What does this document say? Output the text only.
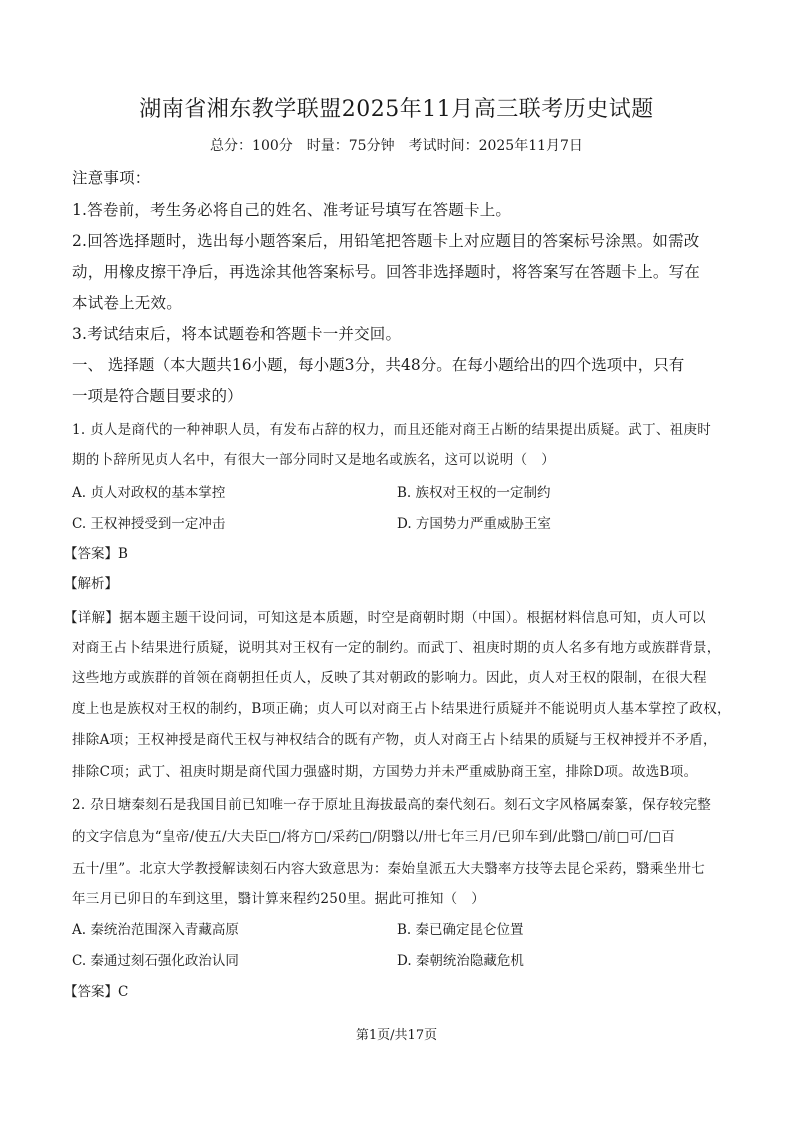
湖南省湘东教学联盟2025年11月高三联考历史试题
总分：100分　时量：75分钟　考试时间：2025年11月7日
注意事项：
1.答卷前，考生务必将自己的姓名、准考证号填写在答题卡上。
2.回答选择题时，选出每小题答案后，用铅笔把答题卡上对应题目的答案标号涂黑。如需改
动，用橡皮擦干净后，再选涂其他答案标号。回答非选择题时，将答案写在答题卡上。写在
本试卷上无效。
3.考试结束后，将本试题卷和答题卡一并交回。
一、 选择题（本大题共16小题，每小题3分，共48分。在每小题给出的四个选项中，只有
一项是符合题目要求的）
1. 贞人是商代的一种神职人员，有发布占辞的权力，而且还能对商王占断的结果提出质疑。武丁、祖庚时
期的卜辞所见贞人名中，有很大一部分同时又是地名或族名，这可以说明（　）
A. 贞人对政权的基本掌控	B. 族权对王权的一定制约
C. 王权神授受到一定冲击	D. 方国势力严重威胁王室
【答案】B
【解析】
【详解】据本题主题干设问词，可知这是本质题，时空是商朝时期（中国）。根据材料信息可知，贞人可以
对商王占卜结果进行质疑，说明其对王权有一定的制约。而武丁、祖庚时期的贞人名多有地方或族群背景，
这些地方或族群的首领在商朝担任贞人，反映了其对朝政的影响力。因此，贞人对王权的限制，在很大程
度上也是族权对王权的制约，B项正确；贞人可以对商王占卜结果进行质疑并不能说明贞人基本掌控了政权，
排除A项；王权神授是商代王权与神权结合的既有产物，贞人对商王占卜结果的质疑与王权神授并不矛盾，
排除C项；武丁、祖庚时期是商代国力强盛时期，方国势力并未严重威胁商王室，排除D项。故选B项。
2. 尕日塘秦刻石是我国目前已知唯一存于原址且海拔最高的秦代刻石。刻石文字风格属秦篆，保存较完整
的文字信息为“皇帝/使五/大夫臣□/将方□/采药□/阴翳以/卅七年三月/已卯车到/此翳□/前□可/□百
五十/里”。北京大学教授解读刻石内容大致意思为：秦始皇派五大夫翳率方技等去昆仑采药，翳乘坐卅七
年三月已卯日的车到这里，翳计算来程约250里。据此可推知（　）
A. 秦统治范围深入青藏高原	B. 秦已确定昆仑位置
C. 秦通过刻石强化政治认同	D. 秦朝统治隐藏危机
【答案】C
第1页/共17页
